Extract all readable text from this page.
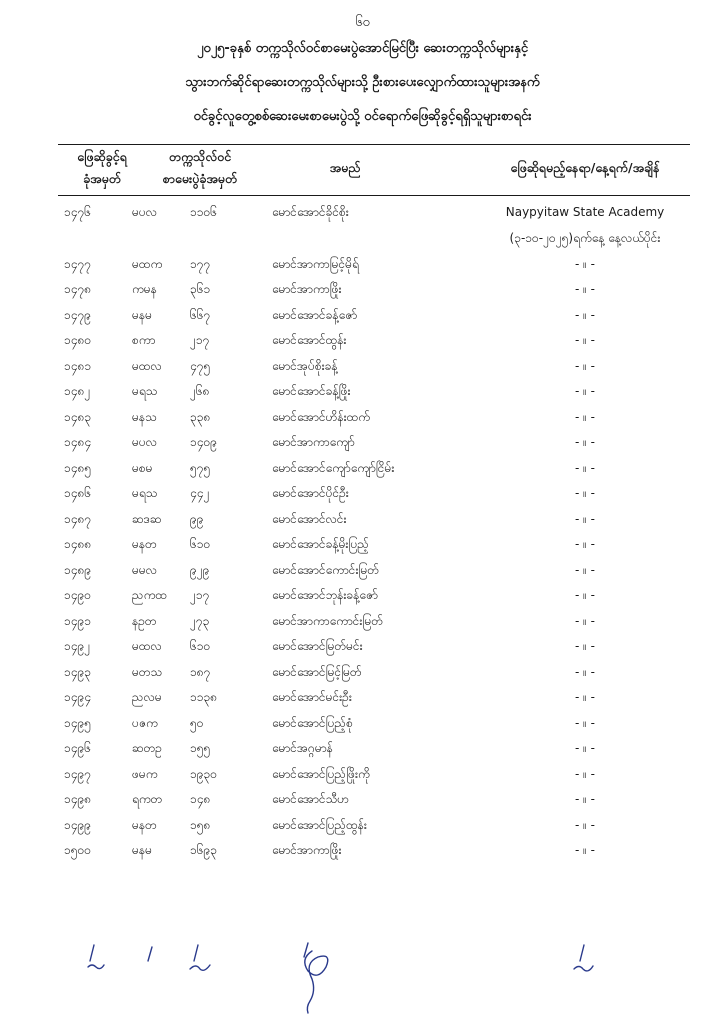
၆၀
၂၀၂၅-ခုနှစ် တက္ကသိုလ်ဝင်စာမေးပွဲအောင်မြင်ပြီး ဆေးတက္ကသိုလ်များနှင့်
သွားဘက်ဆိုင်ရာဆေးတက္ကသိုလ်များသို့ ဦးစားပေးလျှောက်ထားသူများအနက်
ဝင်ခွင့်လူတွေ့စစ်ဆေးမေးစာမေးပွဲသို့ ဝင်ရောက်ဖြေဆိုခွင့်ရရှိသူများစာရင်း
ဖြေဆိုခွင့်ရ
ခုံအမှတ်
တက္ကသိုလ်ဝင်
စာမေးပွဲခုံအမှတ်
အမည်	ဖြေဆိုရမည့်နေရာ/နေ့ရက်/အချိန်
၁၄၇၆	မပလ	၁၁၀၆	မောင်အောင်ခိုင်စိုး	Naypyitaw State Academy
(၃-၁၀-၂၀၂၅)ရက်နေ့ နေ့လယ်ပိုင်း
၁၄၇၇	မထက	၁၇၇	မောင်အာကာမြင့်မိုရ်	- ။ -
၁၄၇၈	ကမန	၃၆၁	မောင်အာကာဖြိုး	- ။ -
၁၄၇၉	မနမ	၆၆၇	မောင်အောင်ခန့်ဇော်	- ။ -
၁၄၈၀	စကာ	၂၁၇	မောင်အောင်ထွန်း	- ။ -
၁၄၈၁	မထလ	၄၇၅	မောင်အုပ်စိုးခန့်	- ။ -
၁၄၈၂	မရသ	၂၆၈	မောင်အောင်ခန့်ဖြိုး	- ။ -
၁၄၈၃	မနသ	၃၃၈	မောင်အောင်ဟိန်းထက်	- ။ -
၁၄၈၄	မပလ	၁၄၀၉	မောင်အာကာကျော်	- ။ -
၁၄၈၅	မစမ	၅၇၅	မောင်အောင်ကျော်ကျော်ငြိမ်း	- ။ -
၁၄၈၆	မရသ	၄၄၂	မောင်အောင်ပိုင်ဦး	- ။ -
၁၄၈၇	ဆဒဆ	၉၉	မောင်အောင်လင်း	- ။ -
၁၄၈၈	မနတ	၆၁၀	မောင်အောင်ခန့်မိုးပြည့်	- ။ -
၁၄၈၉	မမလ	၉၂၉	မောင်အောင်ကောင်းမြတ်	- ။ -
၁၄၉၀	ညကထ	၂၁၇	မောင်အောင်ဘုန်းခန့်ဇော်	- ။ -
၁၄၉၁	နဥတ	၂၇၃	မောင်အာကာကောင်းမြတ်	- ။ -
၁၄၉၂	မထလ	၆၁၀	မောင်အောင်မြတ်မင်း	- ။ -
၁၄၉၃	မတသ	၁၈၇	မောင်အောင်မြင့်မြတ်	- ။ -
၁၄၉၄	ညလမ	၁၁၃၈	မောင်အောင်မင်းဦး	- ။ -
၁၄၉၅	ပဇက	၅၀	မောင်အောင်ပြည့်စုံ	- ။ -
၁၄၉၆	ဆတဥ	၁၅၅	မောင်အဂ္ဂမာန်	- ။ -
၁၄၉၇	ဖမက	၁၉၃၀	မောင်အောင်ပြည့်ဖြိုးကို	- ။ -
၁၄၉၈	ရကတ	၁၄၈	မောင်အောင်သီဟ	- ။ -
၁၄၉၉	မနတ	၁၅၈	မောင်အောင်ပြည့်ထွန်း	- ။ -
၁၅၀၀	မနမ	၁၆၉၃	မောင်အာကာဖြိုး	- ။ -
